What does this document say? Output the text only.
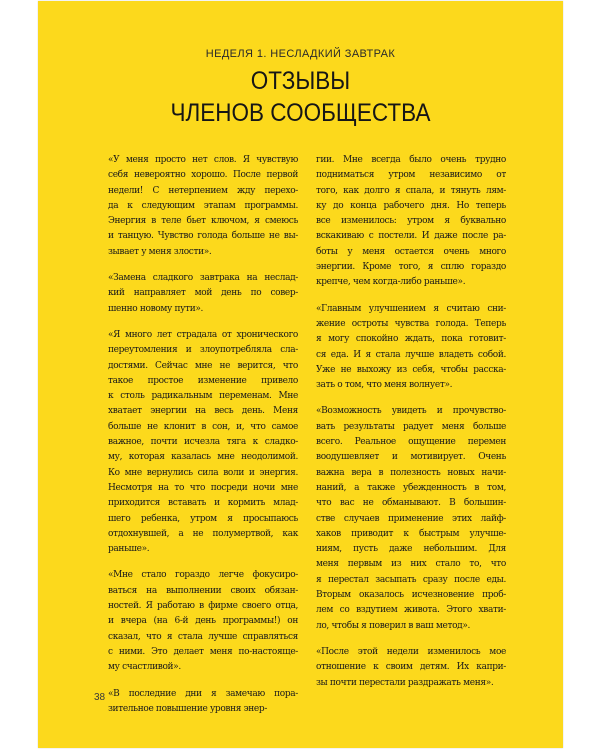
НЕДЕЛЯ 1. НЕСЛАДКИЙ ЗАВТРАК
ОТЗЫВЫ
ЧЛЕНОВ СООБЩЕСТВА

«У меня просто нет слов. Я чувствую
себя невероятно хорошо. После первой
недели! С нетерпением жду перехо-
да к следующим этапам программы.
Энергия в теле бьет ключом, я смеюсь
и танцую. Чувство голода больше не вы-
зывает у меня злости».

«Замена сладкого завтрака на неслад-
кий направляет мой день по совер-
шенно новому пути».

«Я много лет страдала от хронического
переутомления и злоупотребляла сла-
достями. Сейчас мне не верится, что
такое простое изменение привело
к столь радикальным переменам. Мне
хватает энергии на весь день. Меня
больше не клонит в сон, и, что самое
важное, почти исчезла тяга к сладко-
му, которая казалась мне неодолимой.
Ко мне вернулись сила воли и энергия.
Несмотря на то что посреди ночи мне
приходится вставать и кормить млад-
шего ребенка, утром я просыпаюсь
отдохнувшей, а не полумертвой, как
раньше».

«Мне стало гораздо легче фокусиро-
ваться на выполнении своих обязан-
ностей. Я работаю в фирме своего отца,
и вчера (на 6-й день программы!) он
сказал, что я стала лучше справляться
с ними. Это делает меня по-настояще-
му счастливой».

«В последние дни я замечаю пора-
зительное повышение уровня энер-

гии. Мне всегда было очень трудно
подниматься утром независимо от
того, как долго я спала, и тянуть лям-
ку до конца рабочего дня. Но теперь
все изменилось: утром я буквально
вскакиваю с постели. И даже после ра-
боты у меня остается очень много
энергии. Кроме того, я сплю гораздо
крепче, чем когда-либо раньше».

«Главным улучшением я считаю сни-
жение остроты чувства голода. Теперь
я могу спокойно ждать, пока готовит-
ся еда. И я стала лучше владеть собой.
Уже не выхожу из себя, чтобы расска-
зать о том, что меня волнует».

«Возможность увидеть и прочувство-
вать результаты радует меня больше
всего. Реальное ощущение перемен
воодушевляет и мотивирует. Очень
важна вера в полезность новых начи-
наний, а также убежденность в том,
что вас не обманывают. В большин-
стве случаев применение этих лайф-
хаков приводит к быстрым улучше-
ниям, пусть даже небольшим. Для
меня первым из них стало то, что
я перестал засыпать сразу после еды.
Вторым оказалось исчезновение проб-
лем со вздутием живота. Этого хвати-
ло, чтобы я поверил в ваш метод».

«После этой недели изменилось мое
отношение к своим детям. Их капри-
зы почти перестали раздражать меня».

38
